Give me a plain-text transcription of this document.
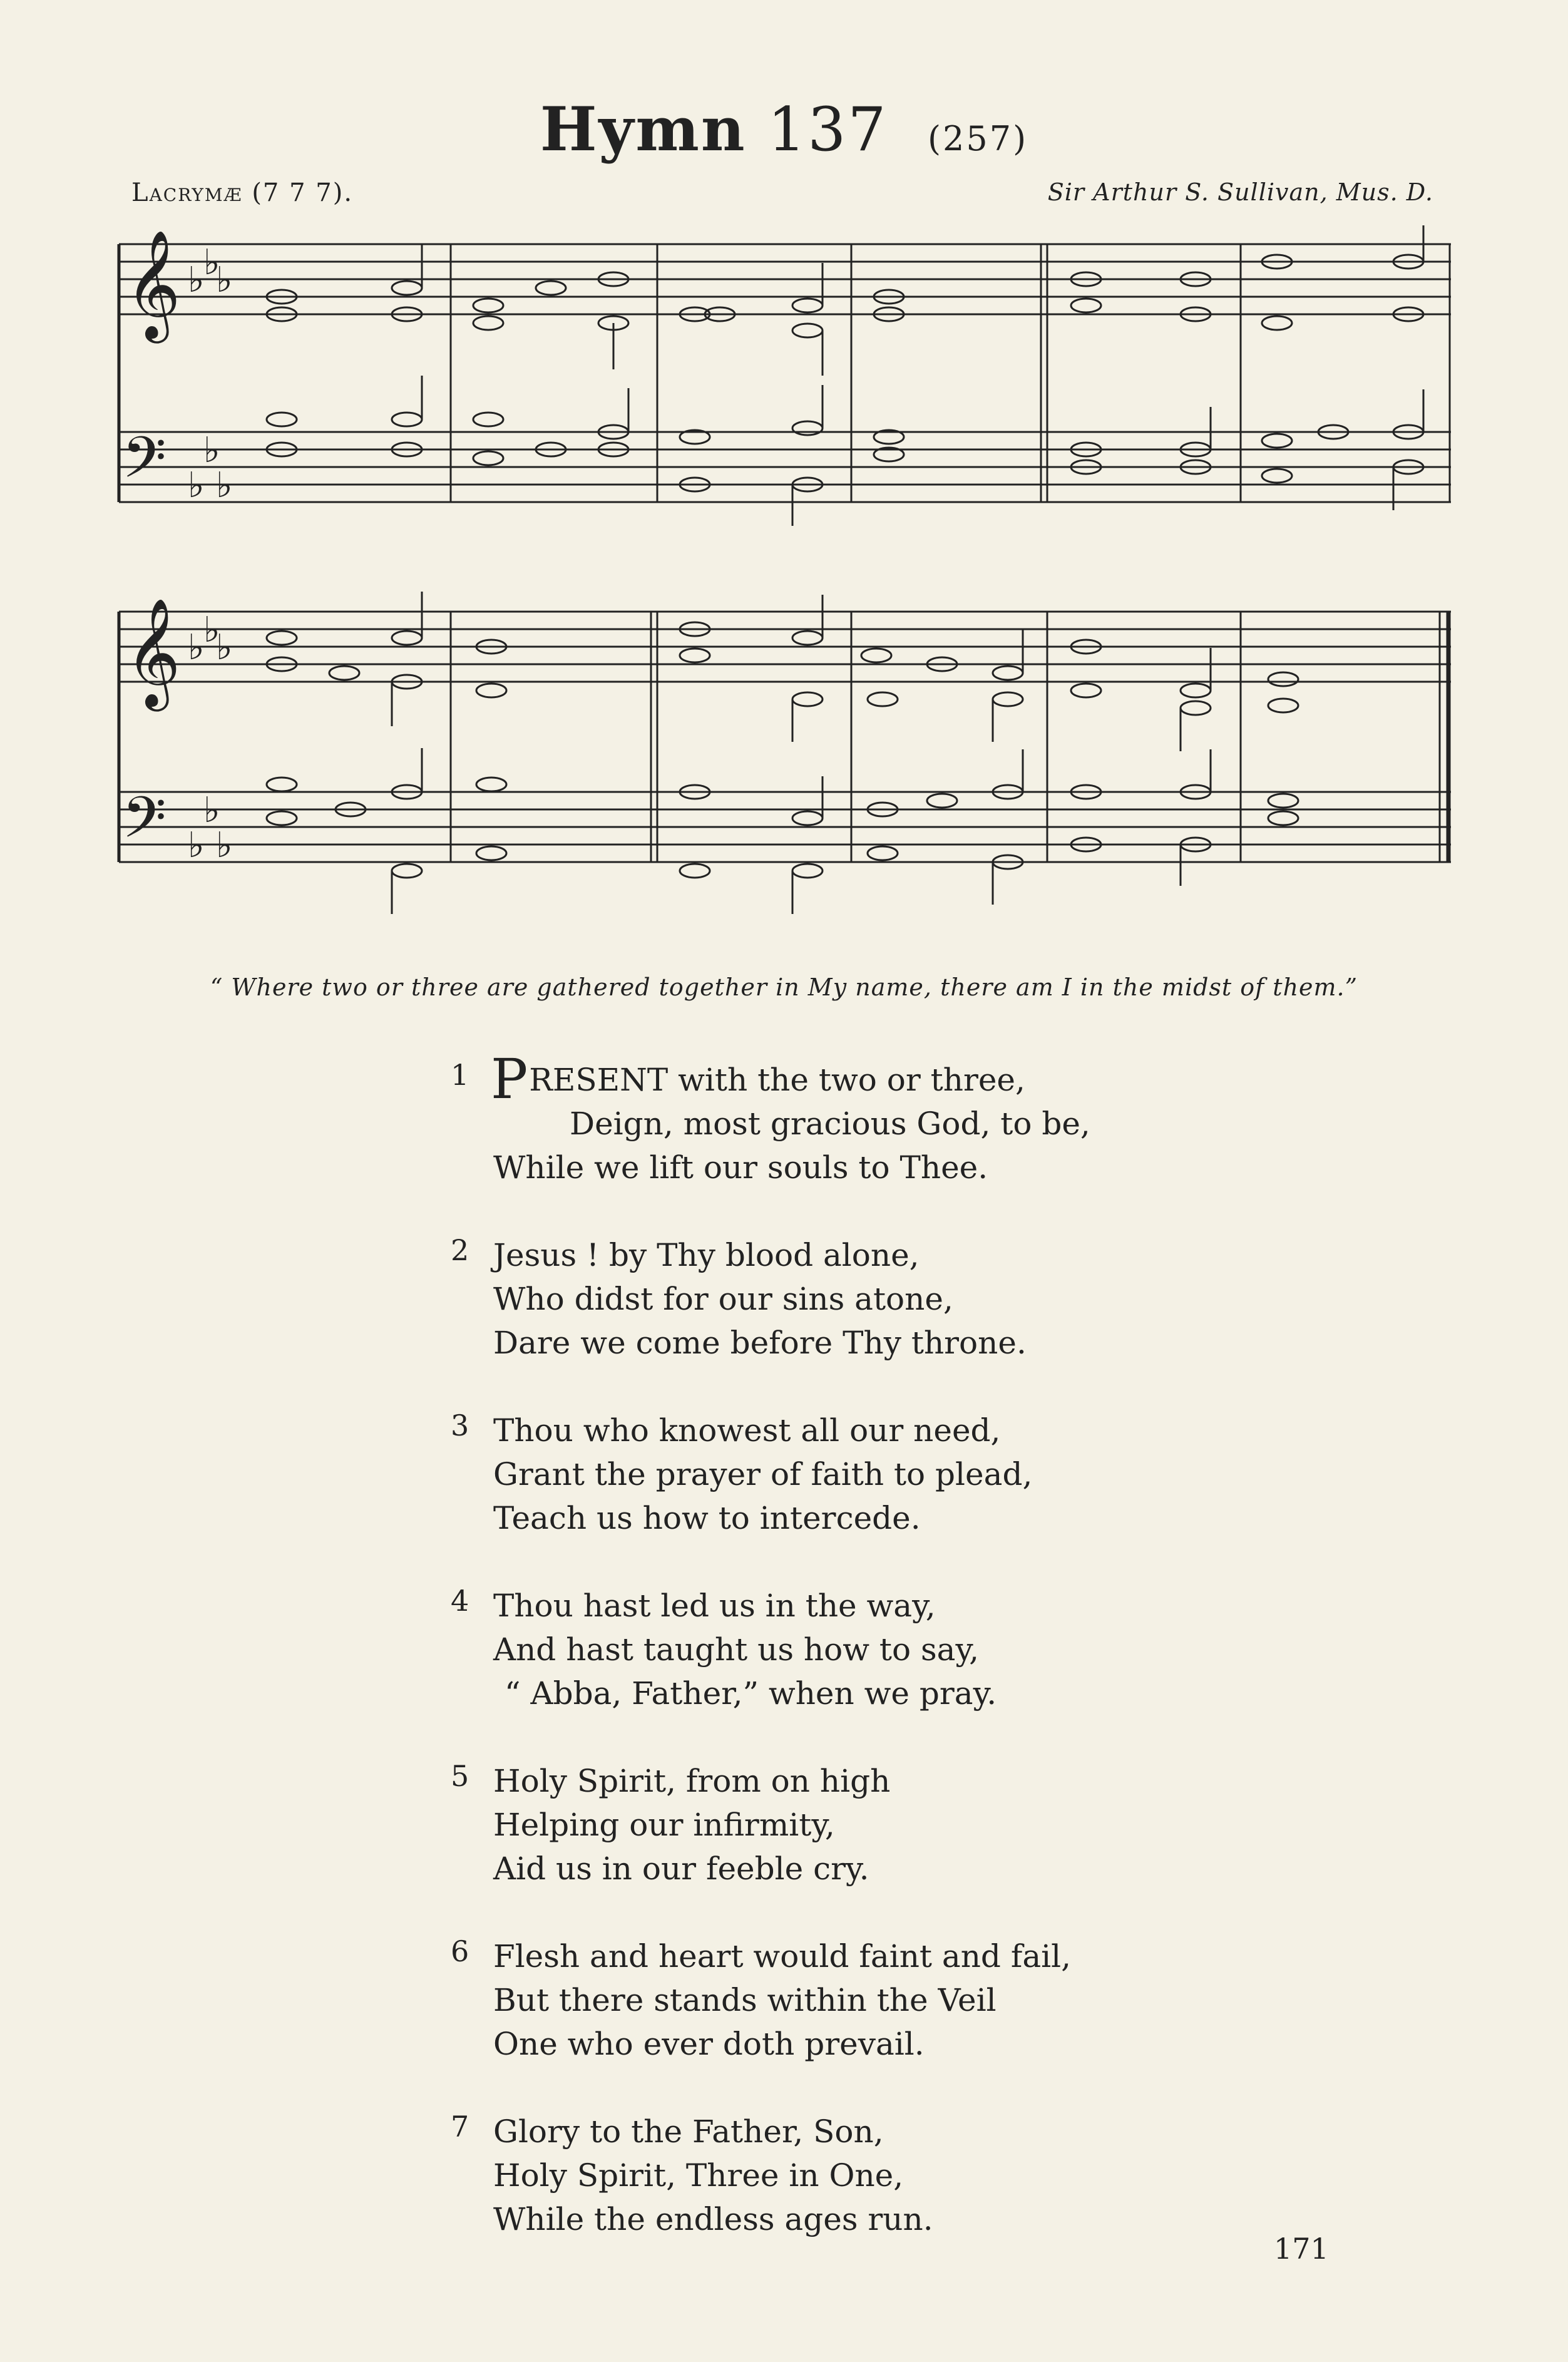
Hymn 137 (257)
Lacrymæ (7 7 7).	Sir Arthur S. Sullivan, Mus. D.
𝄞
𝄢
♭
♭ ♭
♭
♭ ♭
𝄞
𝄢
♭
♭ ♭
♭
♭ ♭
“ Where two or three are gathered together in My name, there am I in the midst of them.”
1 PRESENT with the two or three,
Deign, most gracious God, to be,
While we lift our souls to Thee.
2 Jesus ! by Thy blood alone,
Who didst for our sins atone,
Dare we come before Thy throne.
3 Thou who knowest all our need,
Grant the prayer of faith to plead,
Teach us how to intercede.
4 Thou hast led us in the way,
And hast taught us how to say,
“ Abba, Father,” when we pray.
5 Holy Spirit, from on high
Helping our infirmity,
Aid us in our feeble cry.
6 Flesh and heart would faint and fail,
But there stands within the Veil
One who ever doth prevail.
7 Glory to the Father, Son,
Holy Spirit, Three in One,
While the endless ages run.
171
